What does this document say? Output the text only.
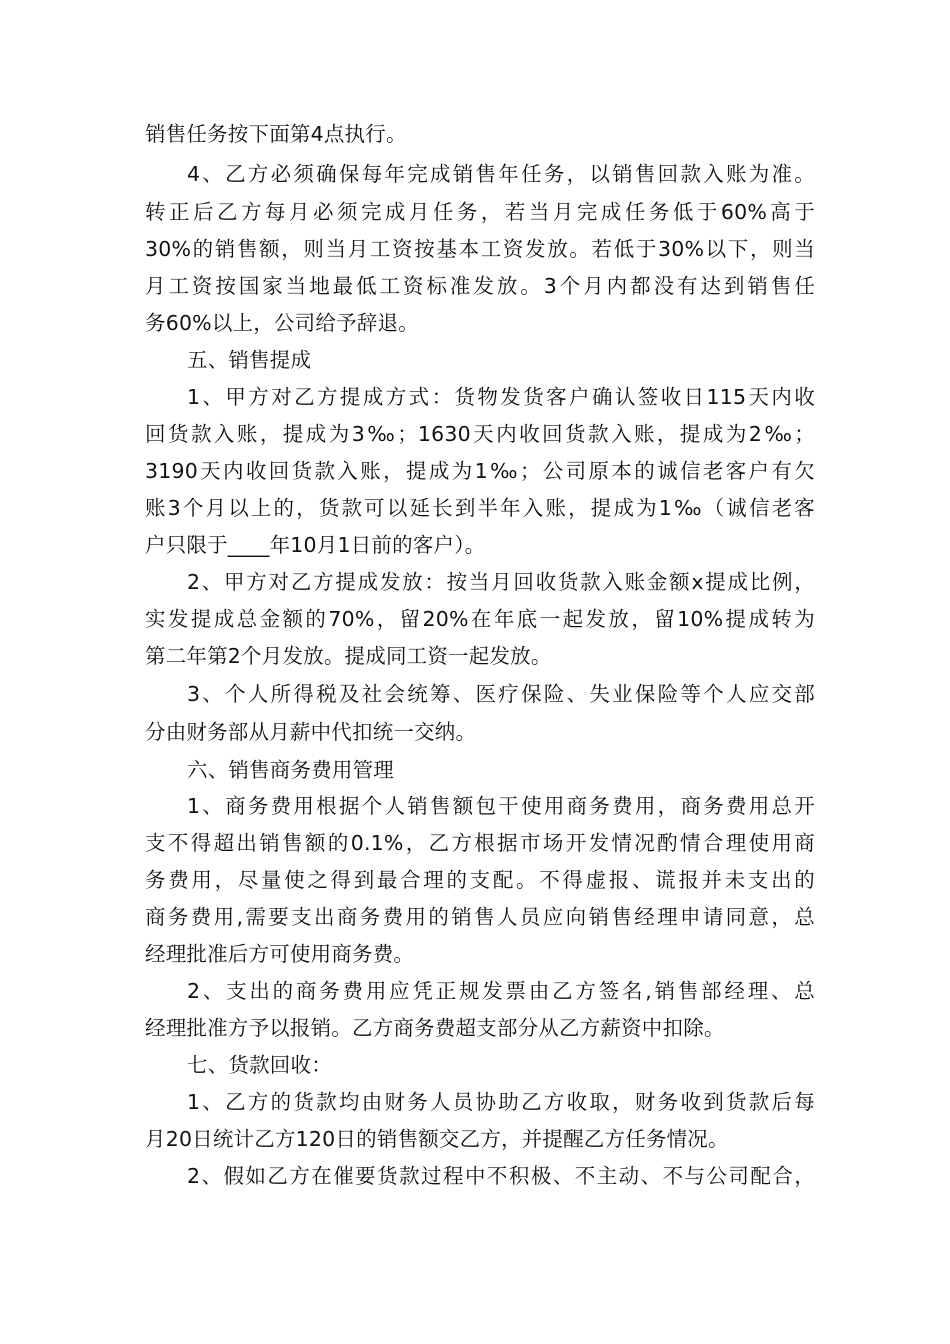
销售任务按下面第4点执行。

4、乙方必须确保每年完成销售年任务，以销售回款入账为准。

转正后乙方每月必须完成月任务，若当月完成任务低于60%高于

30%的销售额，则当月工资按基本工资发放。若低于30%以下，则当

月工资按国家当地最低工资标准发放。3个月内都没有达到销售任

务60%以上，公司给予辞退。

五、销售提成

1、甲方对乙方提成方式：货物发货客户确认签收日115天内收

回货款入账，提成为3‰；1630天内收回货款入账，提成为2‰；

3190天内收回货款入账，提成为1‰；公司原本的诚信老客户有欠

账3个月以上的，货款可以延长到半年入账，提成为1‰（诚信老客

户只限于____年10月1日前的客户）。

2、甲方对乙方提成发放：按当月回收货款入账金额x提成比例，

实发提成总金额的70%，留20%在年底一起发放，留10%提成转为

第二年第2个月发放。提成同工资一起发放。

3、个人所得税及社会统筹、医疗保险、失业保险等个人应交部

分由财务部从月薪中代扣统一交纳。

六、销售商务费用管理

1、商务费用根据个人销售额包干使用商务费用，商务费用总开

支不得超出销售额的0.1%，乙方根据市场开发情况酌情合理使用商

务费用，尽量使之得到最合理的支配。不得虚报、谎报并未支出的

商务费用,需要支出商务费用的销售人员应向销售经理申请同意，总

经理批准后方可使用商务费。

2、支出的商务费用应凭正规发票由乙方签名,销售部经理、总

经理批准方予以报销。乙方商务费超支部分从乙方薪资中扣除。

七、货款回收：

1、乙方的货款均由财务人员协助乙方收取，财务收到货款后每

月20日统计乙方120日的销售额交乙方，并提醒乙方任务情况。

2、假如乙方在催要货款过程中不积极、不主动、不与公司配合，
